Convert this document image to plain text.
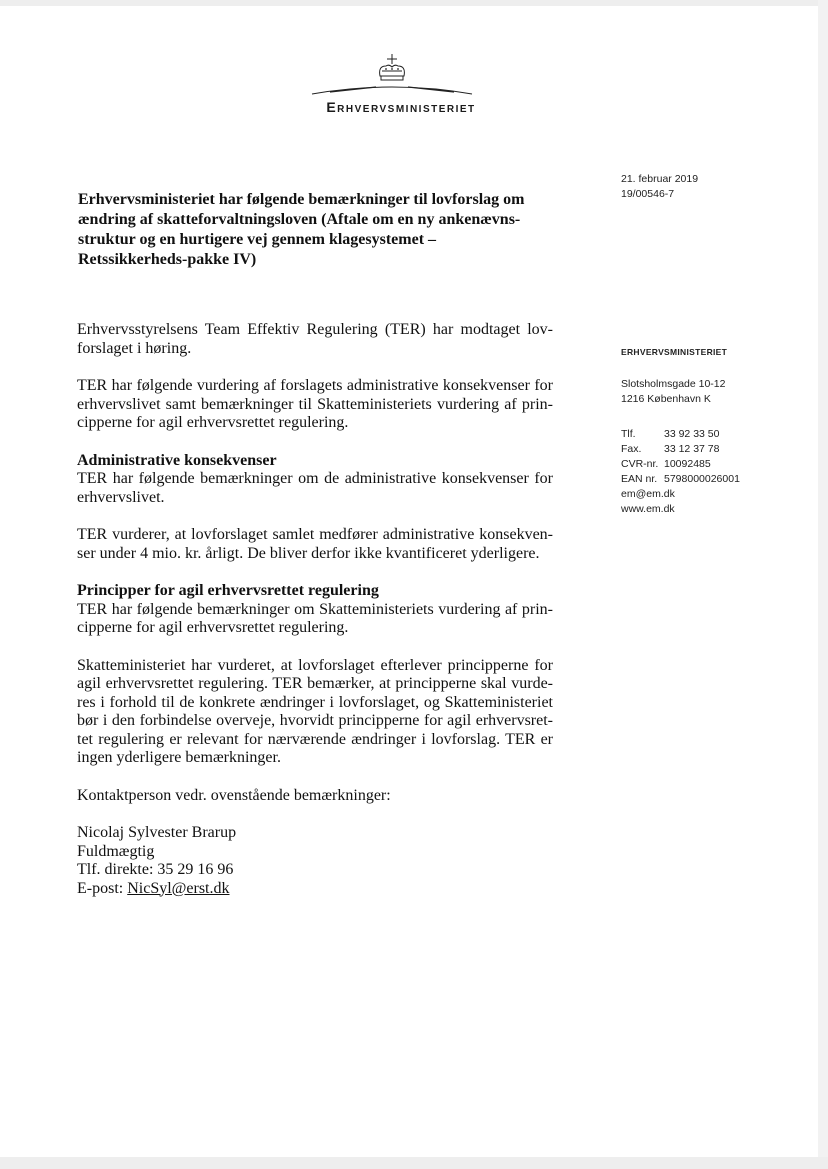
Erhvervsministeriet
21. februar 2019
19/00546-7
ERHVERVSMINISTERIET
Slotsholmsgade 10-12
1216 København K
Tlf.	33 92 33 50
Fax.	33 12 37 78
CVR-nr. 10092485
EAN nr. 5798000026001
em@em.dk
www.em.dk
Erhvervsministeriet har følgende bemærkninger til lovforslag om ændring af skatteforvaltningsloven (Aftale om en ny ankenævns-struktur og en hurtigere vej gennem klagesystemet – Retssikkerheds-pakke IV)

Erhvervsstyrelsens Team Effektiv Regulering (TER) har modtaget lov-forslaget i høring.

TER har følgende vurdering af forslagets administrative konsekvenser for erhvervslivet samt bemærkninger til Skatteministeriets vurdering af prin-cipperne for agil erhvervsrettet regulering.

Administrative konsekvenser

TER har følgende bemærkninger om de administrative konsekvenser for erhvervslivet.

TER vurderer, at lovforslaget samlet medfører administrative konsekven-ser under 4 mio. kr. årligt. De bliver derfor ikke kvantificeret yderligere.

Principper for agil erhvervsrettet regulering

TER har følgende bemærkninger om Skatteministeriets vurdering af prin-cipperne for agil erhvervsrettet regulering.

Skatteministeriet har vurderet, at lovforslaget efterlever principperne for agil erhvervsrettet regulering. TER bemærker, at principperne skal vurde-res i forhold til de konkrete ændringer i lovforslaget, og Skatteministeriet bør i den forbindelse overveje, hvorvidt principperne for agil erhvervsret-tet regulering er relevant for nærværende ændringer i lovforslag. TER er ingen yderligere bemærkninger.

Kontaktperson vedr. ovenstående bemærkninger:

Nicolaj Sylvester Brarup
Fuldmægtig
Tlf. direkte: 35 29 16 96
E-post: NicSyl@erst.dk
